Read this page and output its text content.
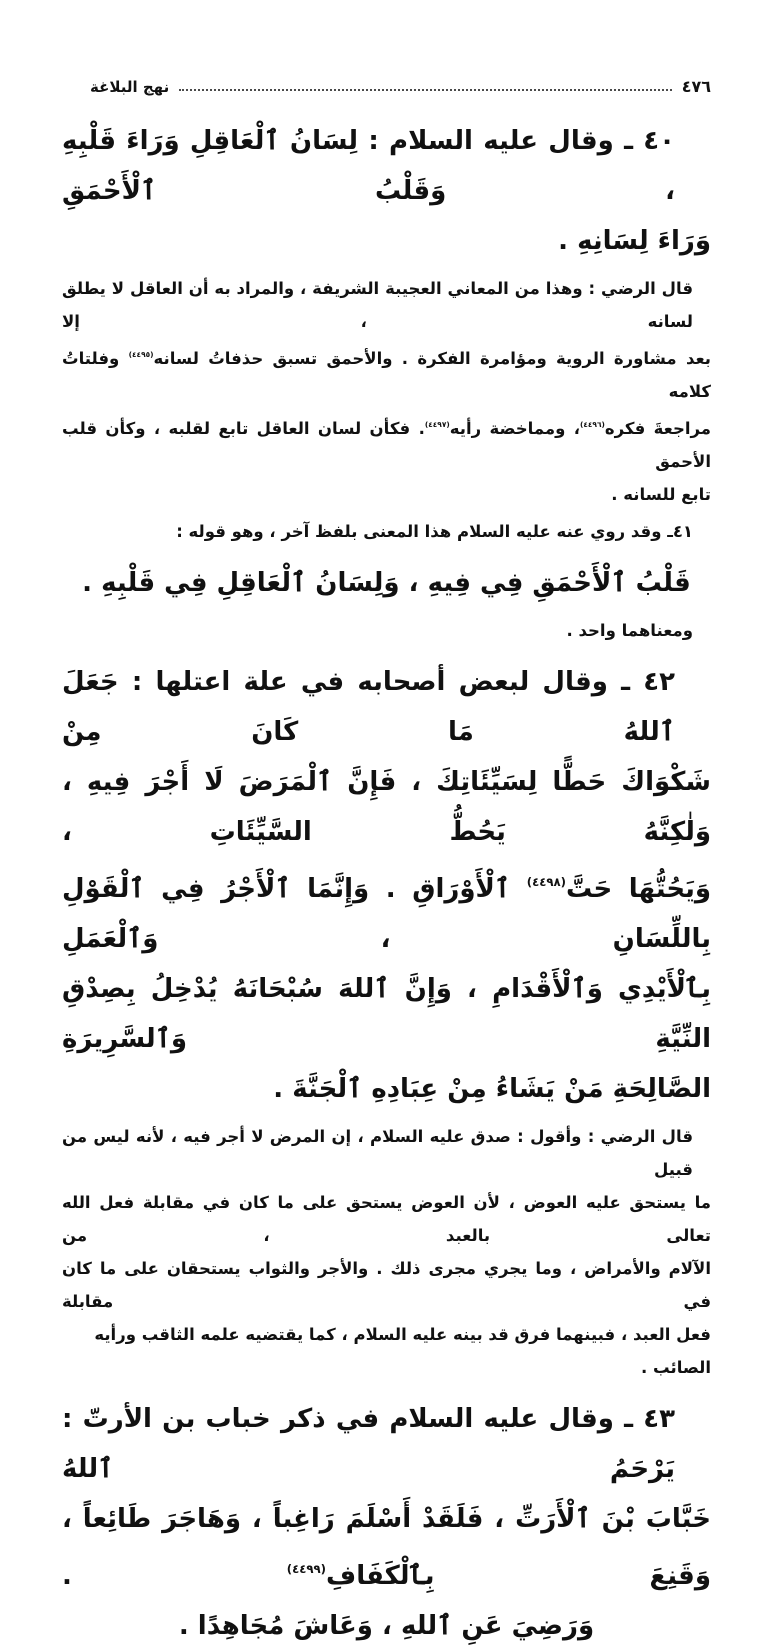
نهج البلاغة	٤٧٦
٤٠ ـ وقال عليه السلام : لِسَانُ ٱلْعَاقِلِ وَرَاءَ قَلْبِهِ ، وَقَلْبُ ٱلْأَحْمَقِ
وَرَاءَ لِسَانِهِ .
قال الرضي : وهذا من المعاني العجيبة الشريفة ، والمراد به أن العاقل لا يطلق لسانه ، إلا
بعد مشاورة الروية ومؤامرة الفكرة . والأحمق تسبق حذفاتُ لسانه$^{(٤٤٩٥)}$ وفلتاتُ كلامه
مراجعةَ فكره$^{(٤٤٩٦)}$، ومماخضة رأيه$^{(٤٤٩٧)}$. فكأن لسان العاقل تابع لقلبه ، وكأن قلب الأحمق
تابع للسانه .
٤١ـ وقد روي عنه عليه السلام هذا المعنى بلفظ آخر ، وهو قوله :
قَلْبُ ٱلْأَحْمَقِ فِي فِيهِ ، وَلِسَانُ ٱلْعَاقِلِ فِي قَلْبِهِ .
ومعناهما واحد .
٤٢ ـ وقال لبعض أصحابه في علة اعتلها : جَعَلَ ٱللهُ مَا كَانَ مِنْ
شَكْوَاكَ حَطًّا لِسَيِّئَاتِكَ ، فَإِنَّ ٱلْمَرَضَ لَا أَجْرَ فِيهِ ، وَلٰكِنَّهُ يَحُطُّ السَّيِّئَاتِ ،
وَيَحُتُّهَا حَتَّ$^{(٤٤٩٨)}$ ٱلْأَوْرَاقِ . وَإِنَّمَا ٱلْأَجْرُ فِي ٱلْقَوْلِ بِاللِّسَانِ ، وَٱلْعَمَلِ
بِٱلْأَيْدِي وَٱلْأَقْدَامِ ، وَإِنَّ ٱللهَ سُبْحَانَهُ يُدْخِلُ بِصِدْقِ النِّيَّةِ وَٱلسَّرِيرَةِ
الصَّالِحَةِ مَنْ يَشَاءُ مِنْ عِبَادِهِ ٱلْجَنَّةَ .
قال الرضي : وأقول : صدق عليه السلام ، إن المرض لا أجر فيه ، لأنه ليس من قبيل
ما يستحق عليه العوض ، لأن العوض يستحق على ما كان في مقابلة فعل الله تعالى بالعبد ، من
الآلام والأمراض ، وما يجري مجرى ذلك . والأجر والثواب يستحقان على ما كان في مقابلة
فعل العبد ، فبينهما فرق قد بينه عليه السلام ، كما يقتضيه علمه الثاقب ورأيه الصائب .
٤٣ ـ وقال عليه السلام في ذكر خباب بن الأرتّ : يَرْحَمُ ٱللهُ
خَبَّابَ بْنَ ٱلْأَرَتِّ ، فَلَقَدْ أَسْلَمَ رَاغِباً ، وَهَاجَرَ طَائِعاً ، وَقَنِعَ بِٱلْكَفَافِ$^{(٤٤٩٩)}$ .
وَرَضِيَ عَنِ ٱللهِ ، وَعَاشَ مُجَاهِدًا .
